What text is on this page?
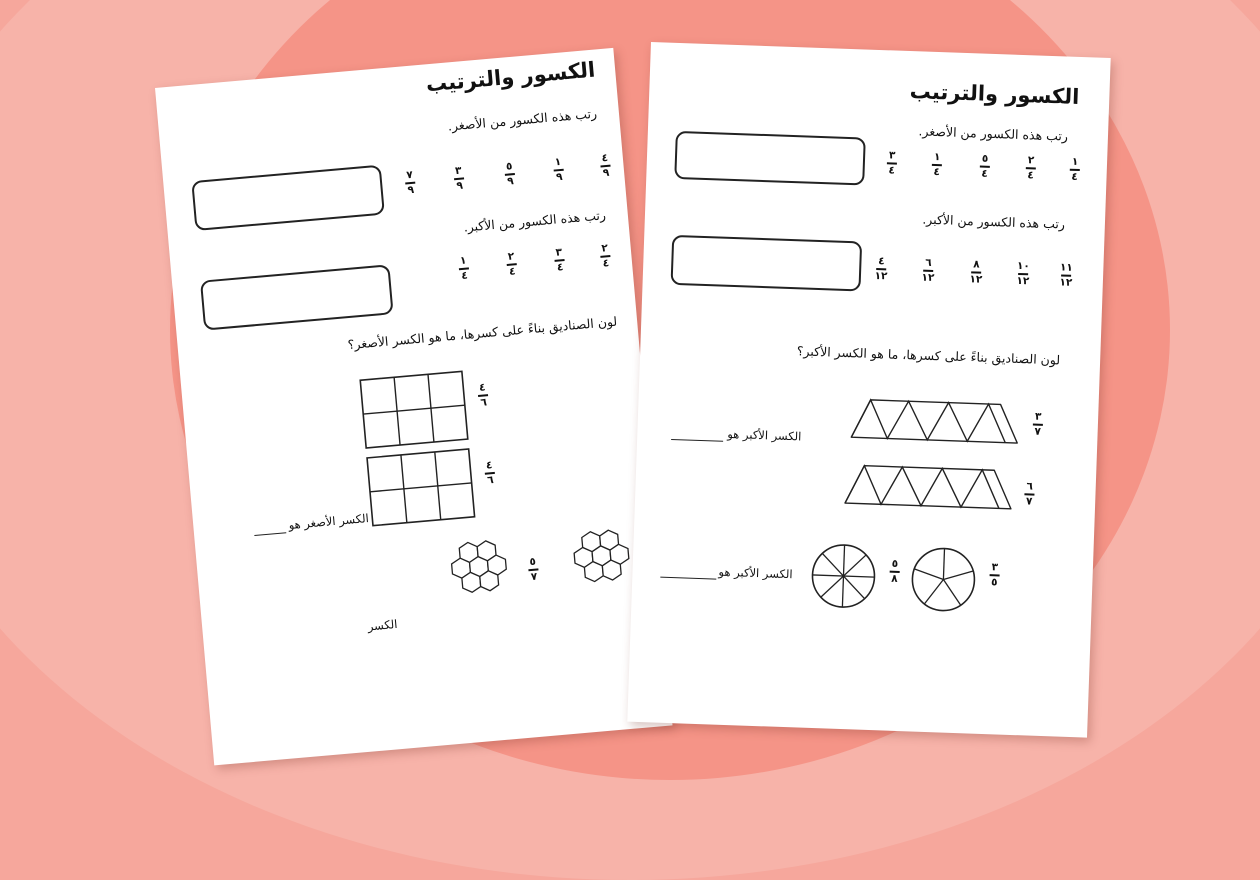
الكسور والترتيب
رتب هذه الكسور من الأصغر.
٧
٩
٣
٩
٥
٩
١
٩
٤
٩
رتب هذه الكسور من الأكبر.
١
٤
٢
٤
٣
٤
٢
٤
لون الصناديق بناءً على كسرها، ما هو الكسر الأصغر؟
٤
٦
٤
٦
الكسر الأصغر هو
٥
٧
الكسر
الكسور والترتيب
رتب هذه الكسور من الأصغر.
٣
٤
١
٤
٥
٤
٢
٤
١
٤
رتب هذه الكسور من الأكبر.
٤
١٢
٦
١٢
٨
١٢
١٠
١٢
١١
١٢
لون الصناديق بناءً على كسرها، ما هو الكسر الأكبر؟
٣
٧
الكسر الأكبر هو
٦
٧
٥
٨
٣
٥
الكسر الأكبر هو
